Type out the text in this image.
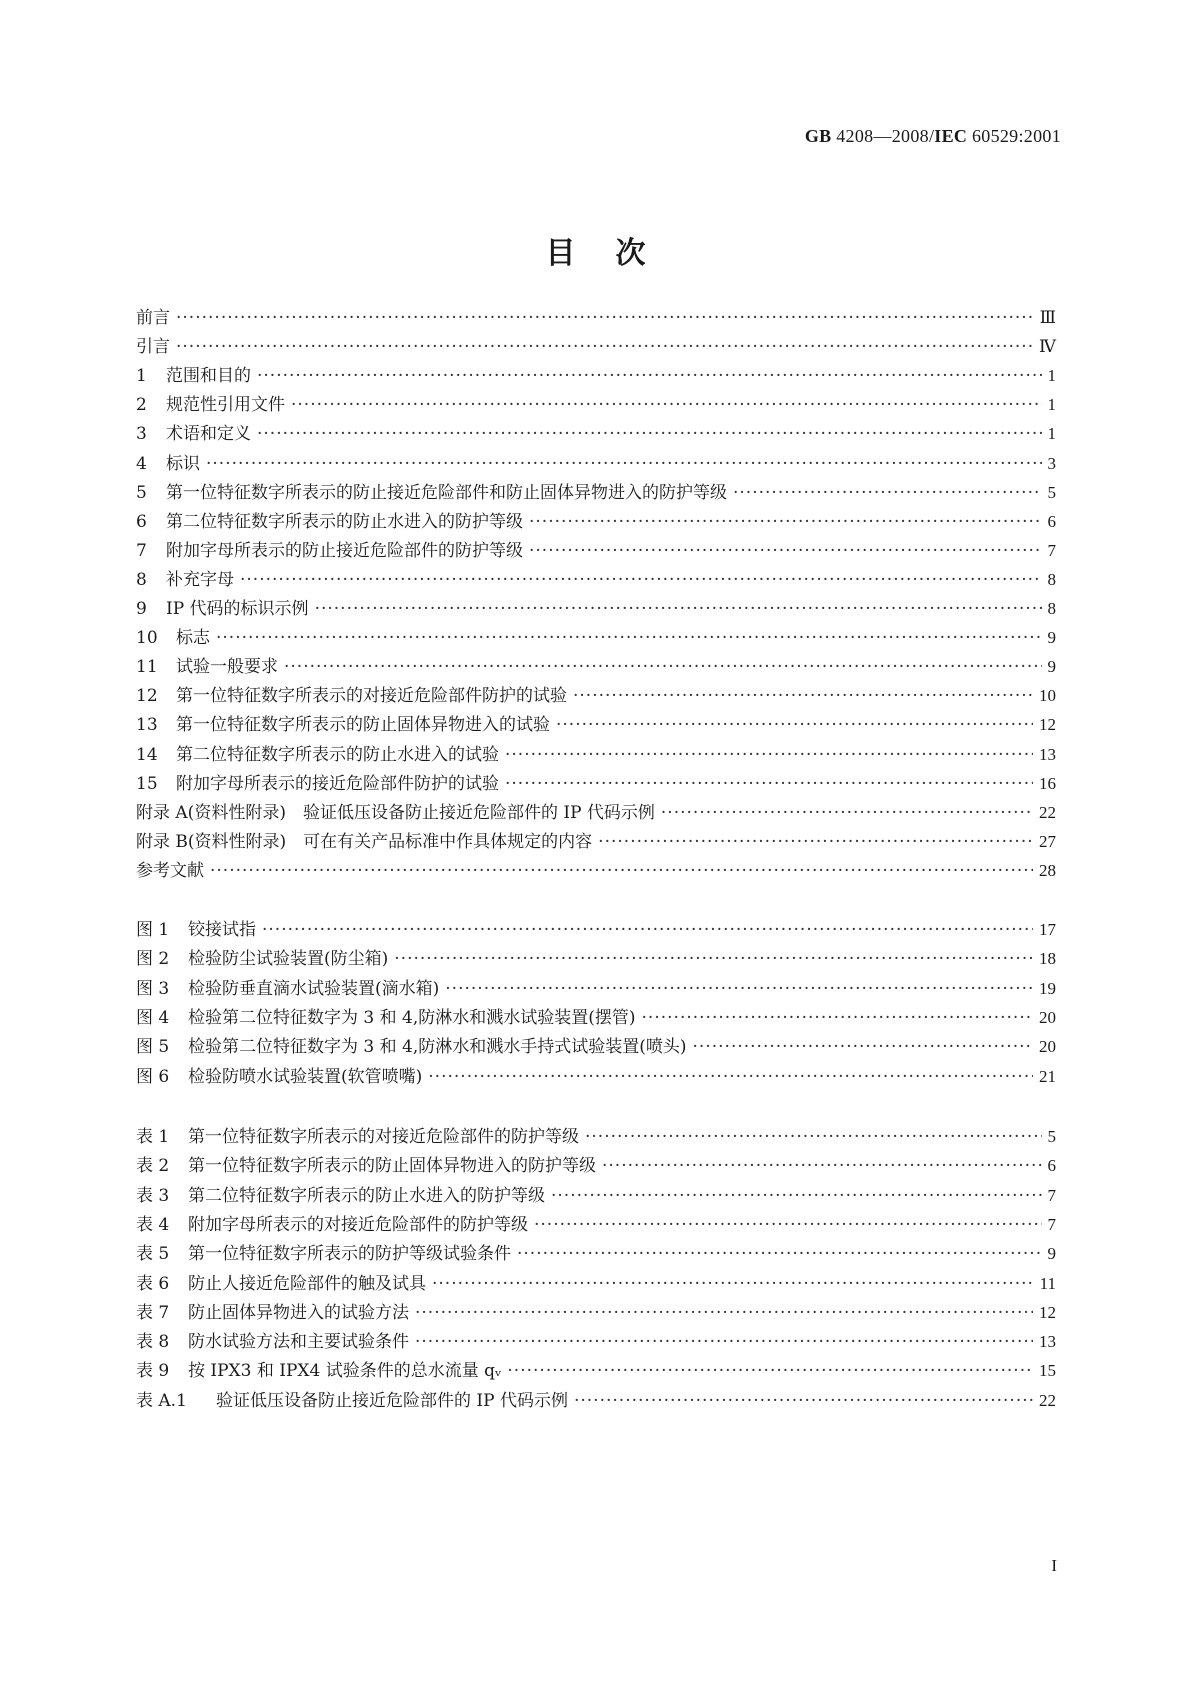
GB 4208—2008/IEC 60529:2001
目次
前言 ·····	Ⅲ
引言 ·····	Ⅳ
1	范围和目的 ·····	1
2	规范性引用文件 ·····	1
3	术语和定义 ·····	1
4	标识 ·····	3
5	第一位特征数字所表示的防止接近危险部件和防止固体异物进入的防护等级 ·····	5
6	第二位特征数字所表示的防止水进入的防护等级 ·····	6
7	附加字母所表示的防止接近危险部件的防护等级 ·····	7
8	补充字母 ·····	8
9	IP 代码的标识示例 ·····	8
10	标志 ·····	9
11	试验一般要求 ·····	9
12	第一位特征数字所表示的对接近危险部件防护的试验 ·····	10
13	第一位特征数字所表示的防止固体异物进入的试验 ·····	12
14	第二位特征数字所表示的防止水进入的试验 ·····	13
15	附加字母所表示的接近危险部件防护的试验 ·····	16
附录 A(资料性附录)　验证低压设备防止接近危险部件的 IP 代码示例 ·····	22
附录 B(资料性附录)　可在有关产品标准中作具体规定的内容 ·····	27
参考文献 ·····	28
图 1	铰接试指 ·····	17
图 2	检验防尘试验装置(防尘箱) ·····	18
图 3	检验防垂直滴水试验装置(滴水箱) ·····	19
图 4	检验第二位特征数字为 3 和 4,防淋水和溅水试验装置(摆管) ·····	20
图 5	检验第二位特征数字为 3 和 4,防淋水和溅水手持式试验装置(喷头) ·····	20
图 6	检验防喷水试验装置(软管喷嘴) ·····	21
表 1	第一位特征数字所表示的对接近危险部件的防护等级 ·····	5
表 2	第一位特征数字所表示的防止固体异物进入的防护等级 ·····	6
表 3	第二位特征数字所表示的防止水进入的防护等级 ·····	7
表 4	附加字母所表示的对接近危险部件的防护等级 ·····	7
表 5	第一位特征数字所表示的防护等级试验条件 ·····	9
表 6	防止人接近危险部件的触及试具 ·····	11
表 7	防止固体异物进入的试验方法 ·····	12
表 8	防水试验方法和主要试验条件 ·····	13
表 9	按 IPX3 和 IPX4 试验条件的总水流量 qᵥ ·····	15
表 A.1	验证低压设备防止接近危险部件的 IP 代码示例 ·····	22
I
